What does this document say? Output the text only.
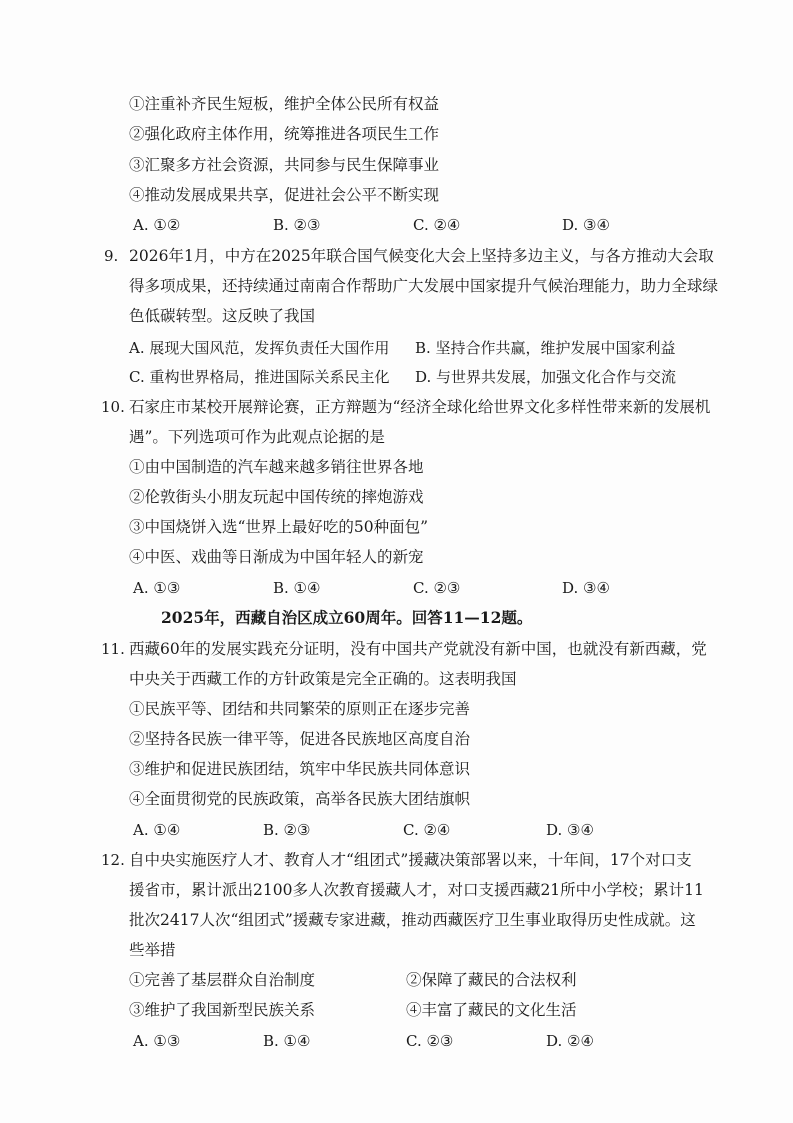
①注重补齐民生短板，维护全体公民所有权益
②强化政府主体作用，统筹推进各项民生工作
③汇聚多方社会资源，共同参与民生保障事业
④推动发展成果共享，促进社会公平不断实现
A. ①②	B. ②③	C. ②④	D. ③④
9. 2026年1月，中方在2025年联合国气候变化大会上坚持多边主义，与各方推动大会取
得多项成果，还持续通过南南合作帮助广大发展中国家提升气候治理能力，助力全球绿
色低碳转型。这反映了我国
A. 展现大国风范，发挥负责任大国作用 B. 坚持合作共赢，维护发展中国家利益
C. 重构世界格局，推进国际关系民主化 D. 与世界共发展，加强文化合作与交流
10. 石家庄市某校开展辩论赛，正方辩题为“经济全球化给世界文化多样性带来新的发展机
遇”。下列选项可作为此观点论据的是
①由中国制造的汽车越来越多销往世界各地
②伦敦街头小朋友玩起中国传统的摔炮游戏
③中国烧饼入选“世界上最好吃的50种面包”
④中医、戏曲等日渐成为中国年轻人的新宠
A. ①③	B. ①④	C. ②③	D. ③④
2025年，西藏自治区成立60周年。回答11—12题。
11. 西藏60年的发展实践充分证明，没有中国共产党就没有新中国，也就没有新西藏，党
中央关于西藏工作的方针政策是完全正确的。这表明我国
①民族平等、团结和共同繁荣的原则正在逐步完善
②坚持各民族一律平等，促进各民族地区高度自治
③维护和促进民族团结，筑牢中华民族共同体意识
④全面贯彻党的民族政策，高举各民族大团结旗帜
A. ①④	B. ②③	C. ②④	D. ③④
12. 自中央实施医疗人才、教育人才“组团式”援藏决策部署以来，十年间，17个对口支
援省市，累计派出2100多人次教育援藏人才，对口支援西藏21所中小学校；累计11
批次2417人次“组团式”援藏专家进藏，推动西藏医疗卫生事业取得历史性成就。这
些举措
①完善了基层群众自治制度	②保障了藏民的合法权利
③维护了我国新型民族关系	④丰富了藏民的文化生活
A. ①③	B. ①④	C. ②③	D. ②④
